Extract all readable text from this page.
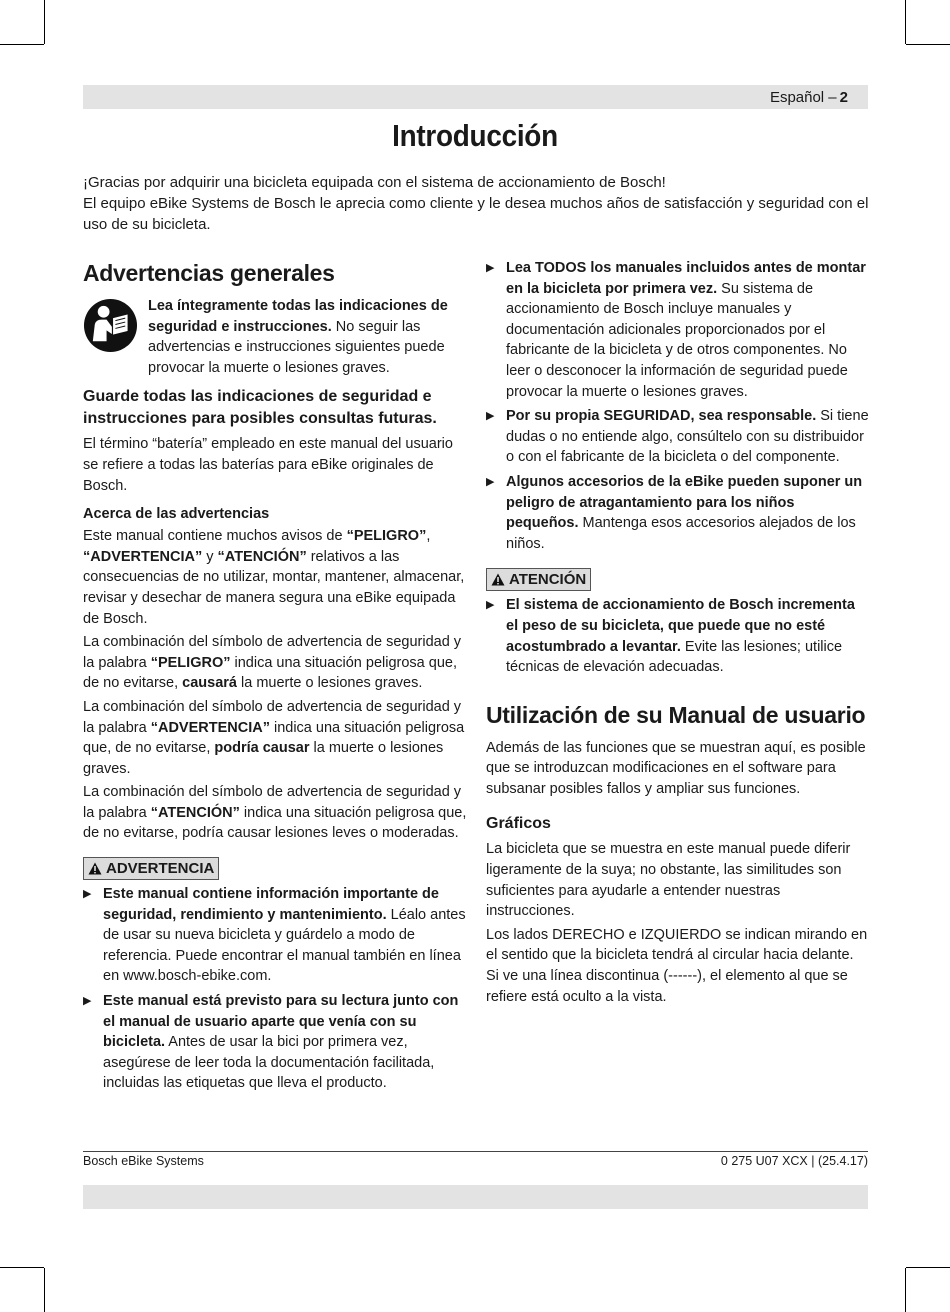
Español – 2
Introducción

¡Gracias por adquirir una bicicleta equipada con el sistema de accionamiento de Bosch!

El equipo eBike Systems de Bosch le aprecia como cliente y le desea muchos años de satisfacción y seguridad con el uso de su bicicleta.

Advertencias generales
Lea íntegramente todas las indicaciones de seguridad e instrucciones. No seguir las advertencias e instrucciones siguientes puede provocar la muerte o lesiones graves.
Guarde todas las indicaciones de seguridad e instrucciones para posibles consultas futuras.

El término “batería” empleado en este manual del usuario se refiere a todas las baterías para eBike originales de Bosch.

Acerca de las advertencias

Este manual contiene muchos avisos de “PELIGRO”, “ADVERTENCIA” y “ATENCIÓN” relativos a las consecuencias de no utilizar, montar, mantener, almacenar, revisar y desechar de manera segura una eBike equipada de Bosch.

La combinación del símbolo de advertencia de seguridad y la palabra “PELIGRO” indica una situación peligrosa que, de no evitarse, causará la muerte o lesiones graves.

La combinación del símbolo de advertencia de seguridad y la palabra “ADVERTENCIA” indica una situación peligrosa que, de no evitarse, podría causar la muerte o lesiones graves.

La combinación del símbolo de advertencia de seguridad y la palabra “ATENCIÓN” indica una situación peligrosa que, de no evitarse, podría causar lesiones leves o moderadas.

ADVERTENCIA
▶ Este manual contiene información importante de seguridad, rendimiento y mantenimiento. Léalo antes de usar su nueva bicicleta y guárdelo a modo de referencia. Puede encontrar el manual también en línea en www.bosch-ebike.com.
▶ Este manual está previsto para su lectura junto con el manual de usuario aparte que venía con su bicicleta. Antes de usar la bici por primera vez, asegúrese de leer toda la documentación facilitada, incluidas las etiquetas que lleva el producto.
▶ Lea TODOS los manuales incluidos antes de montar en la bicicleta por primera vez. Su sistema de accionamiento de Bosch incluye manuales y documentación adicionales proporcionados por el fabricante de la bicicleta y de otros componentes. No leer o desconocer la información de seguridad puede provocar la muerte o lesiones graves.
▶ Por su propia SEGURIDAD, sea responsable. Si tiene dudas o no entiende algo, consúltelo con su distribuidor o con el fabricante de la bicicleta o del componente.
▶ Algunos accesorios de la eBike pueden suponer un peligro de atragantamiento para los niños pequeños. Mantenga esos accesorios alejados de los niños.
ATENCIÓN
▶ El sistema de accionamiento de Bosch incrementa el peso de su bicicleta, que puede que no esté acostumbrado a levantar. Evite las lesiones; utilice técnicas de elevación adecuadas.
Utilización de su Manual de usuario

Además de las funciones que se muestran aquí, es posible que se introduzcan modificaciones en el software para subsanar posibles fallos y ampliar sus funciones.

Gráficos

La bicicleta que se muestra en este manual puede diferir ligeramente de la suya; no obstante, las similitudes son suficientes para ayudarle a entender nuestras instrucciones.

Los lados DERECHO e IZQUIERDO se indican mirando en el sentido que la bicicleta tendrá al circular hacia delante. Si ve una línea discontinua (------), el elemento al que se refiere está oculto a la vista.

Bosch eBike Systems	0 275 U07 XCX | (25.4.17)
